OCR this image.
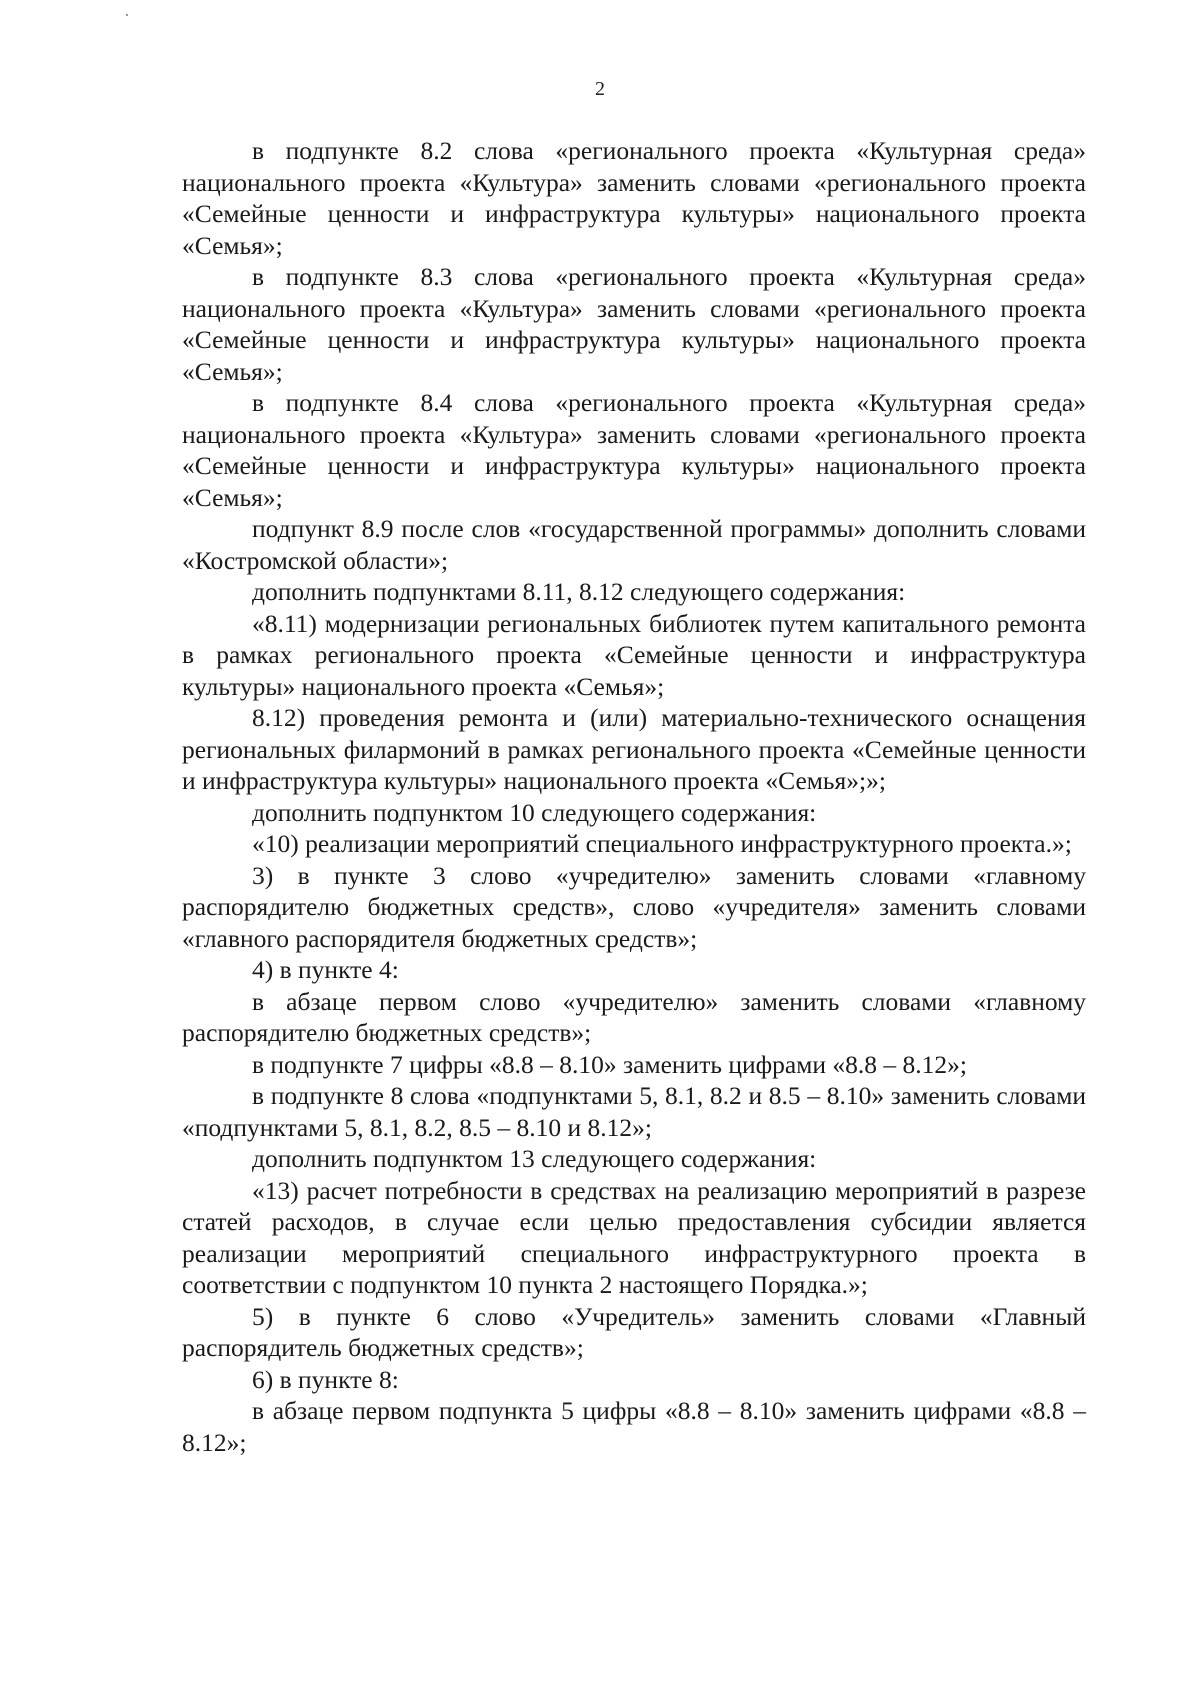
2

в подпункте 8.2 слова «регионального проекта «Культурная среда» национального проекта «Культура» заменить словами «регионального проекта «Семейные ценности и инфраструктура культуры» национального проекта «Семья»;

в подпункте 8.3 слова «регионального проекта «Культурная среда» национального проекта «Культура» заменить словами «регионального проекта «Семейные ценности и инфраструктура культуры» национального проекта «Семья»;

в подпункте 8.4 слова «регионального проекта «Культурная среда» национального проекта «Культура» заменить словами «регионального проекта «Семейные ценности и инфраструктура культуры» национального проекта «Семья»;

подпункт 8.9 после слов «государственной программы» дополнить словами «Костромской области»;

дополнить подпунктами 8.11, 8.12 следующего содержания:

«8.11) модернизации региональных библиотек путем капитального ремонта в рамках регионального проекта «Семейные ценности и инфраструктура культуры» национального проекта «Семья»;

8.12) проведения ремонта и (или) материально-технического оснащения региональных филармоний в рамках регионального проекта «Семейные ценности и инфраструктура культуры» национального проекта «Семья»;»;

дополнить подпунктом 10 следующего содержания:

«10) реализации мероприятий специального инфраструктурного проекта.»;

3) в пункте 3 слово «учредителю» заменить словами «главному распорядителю бюджетных средств», слово «учредителя» заменить словами «главного распорядителя бюджетных средств»;

4) в пункте 4:

в абзаце первом слово «учредителю» заменить словами «главному распорядителю бюджетных средств»;

в подпункте 7 цифры «8.8 – 8.10» заменить цифрами «8.8 – 8.12»;

в подпункте 8 слова «подпунктами 5, 8.1, 8.2 и 8.5 – 8.10» заменить словами «подпунктами 5, 8.1, 8.2, 8.5 – 8.10 и 8.12»;

дополнить подпунктом 13 следующего содержания:

«13) расчет потребности в средствах на реализацию мероприятий в разрезе статей расходов, в случае если целью предоставления субсидии является реализации мероприятий специального инфраструктурного проекта в соответствии с подпунктом 10 пункта 2 настоящего Порядка.»;

5) в пункте 6 слово «Учредитель» заменить словами «Главный распорядитель бюджетных средств»;

6) в пункте 8:

в абзаце первом подпункта 5 цифры «8.8 – 8.10» заменить цифрами «8.8 – 8.12»;
